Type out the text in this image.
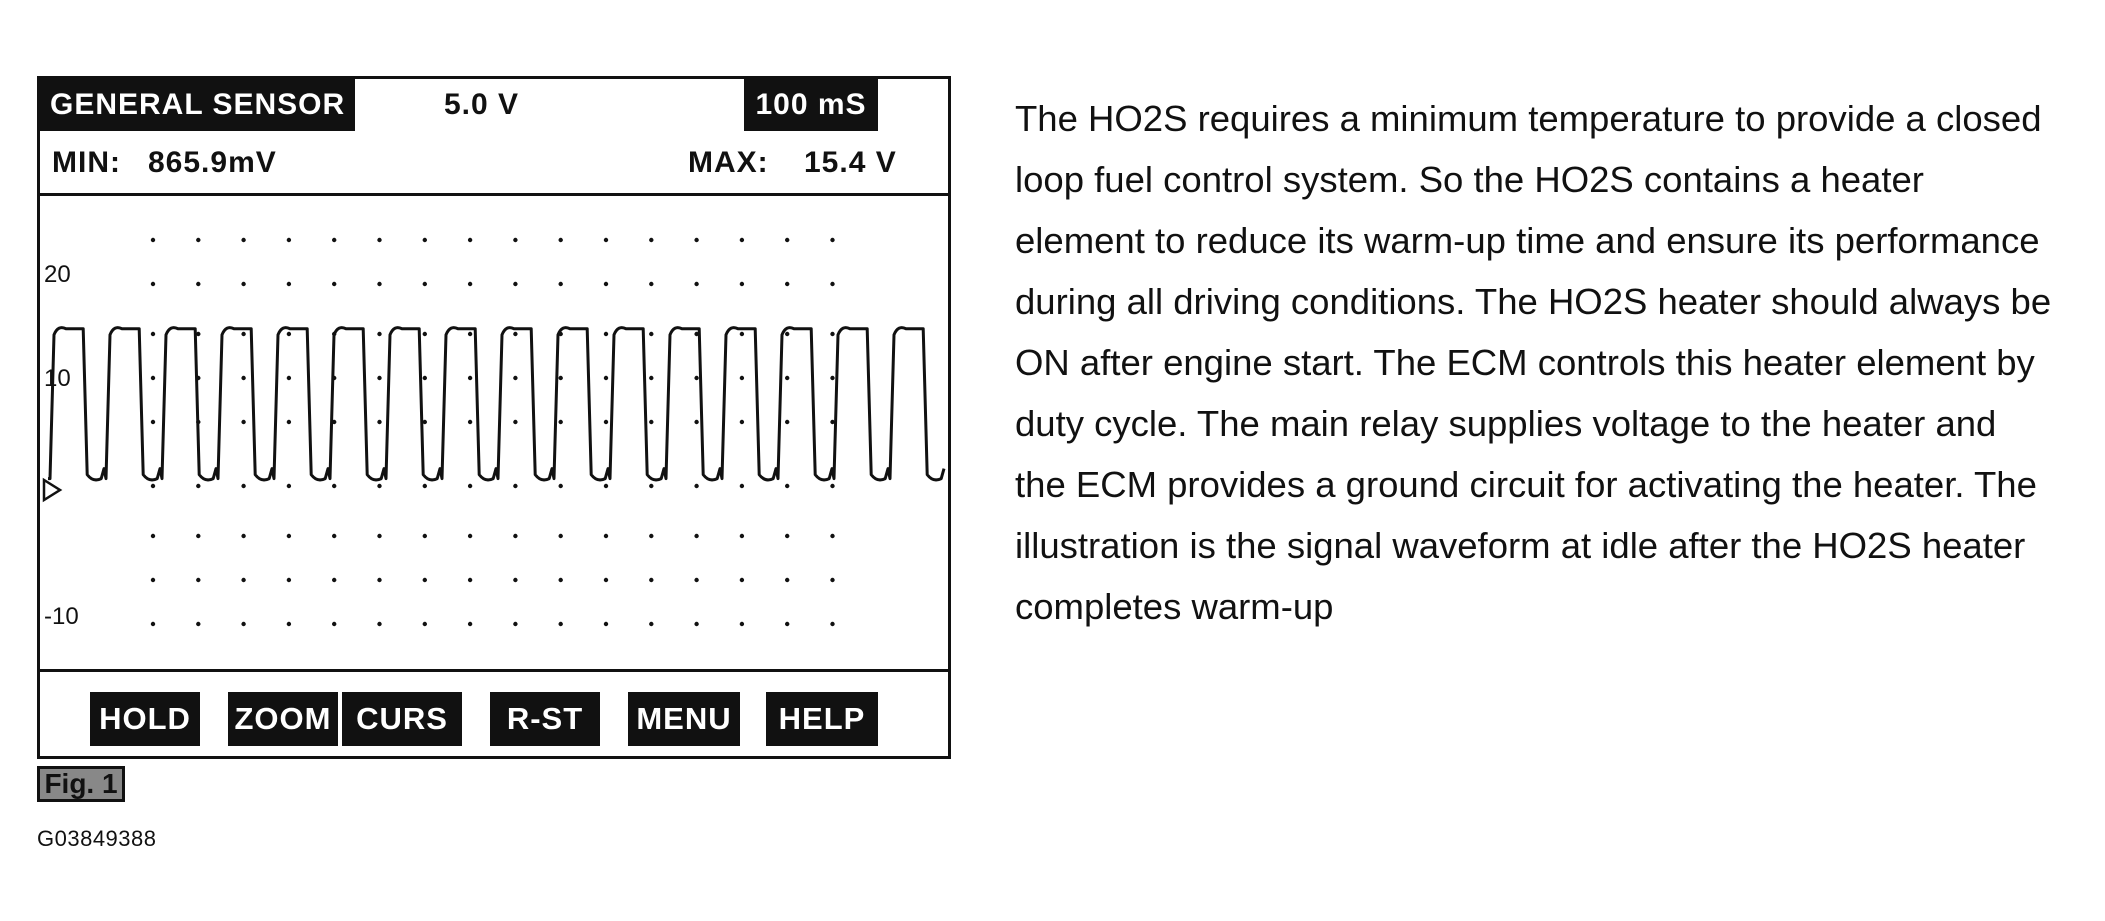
GENERAL SENSOR	5.0 V	100 mS
MIN: 865.9mV	MAX: 15.4 V
20
10
-10
HOLD ZOOM CURS	R-ST	MENU	HELP
Fig. 1
G03849388

The HO2S requires a minimum temperature to provide a closed loop fuel control system. So the HO2S contains a heater element to reduce its warm-up time and ensure its performance during all driving conditions. The HO2S heater should always be ON after engine start. The ECM controls this heater element by duty cycle. The main relay supplies voltage to the heater and the ECM provides a ground circuit for activating the heater. The illustration is the signal waveform at idle after the HO2S heater completes warm-up
